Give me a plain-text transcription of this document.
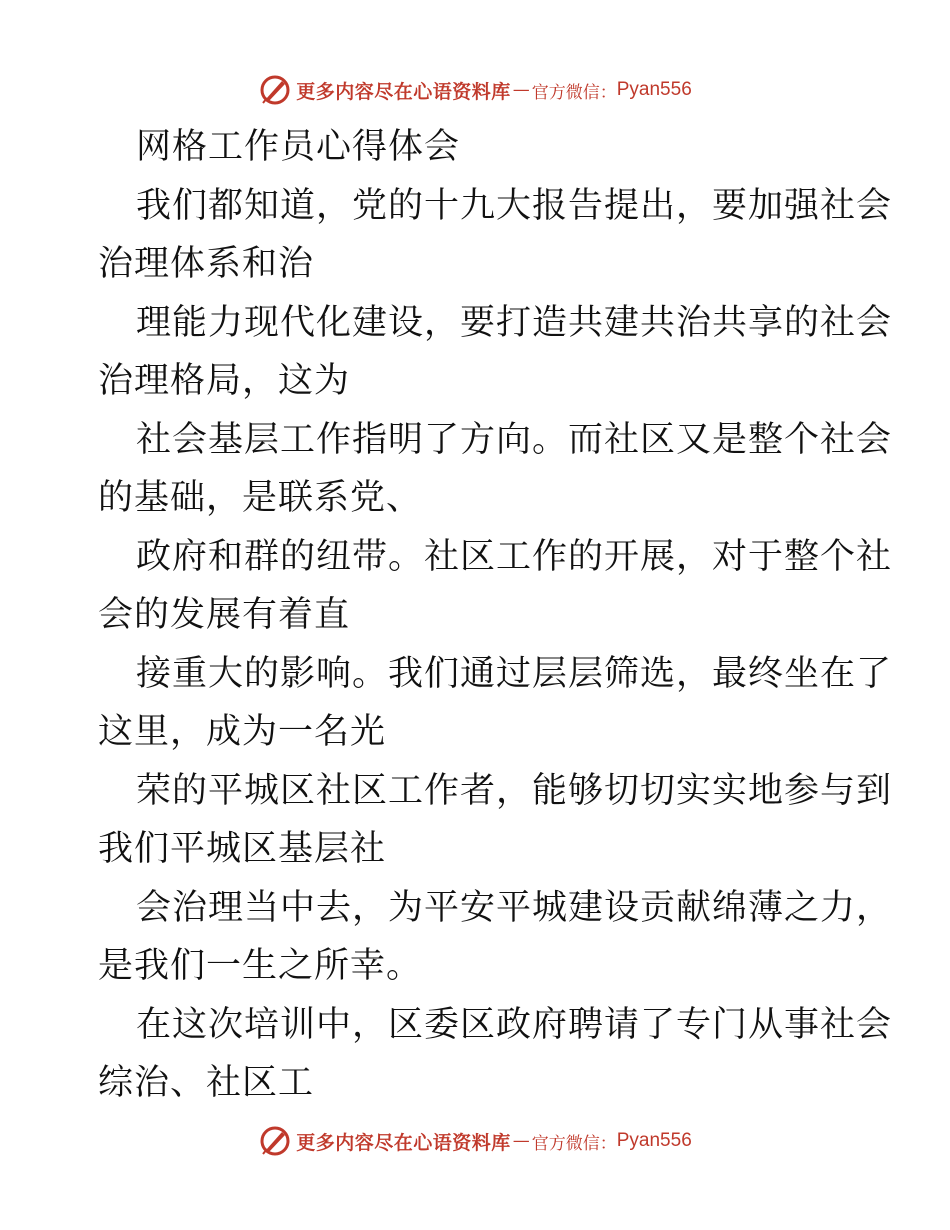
更多内容尽在心语资料库 — 官方微信： Pyan556
网格工作员心得体会
我们都知道，党的十九大报告提出，要加强社会
治理体系和治
理能力现代化建设，要打造共建共治共享的社会
治理格局，这为
社会基层工作指明了方向。而社区又是整个社会
的基础，是联系党、
政府和群的纽带。社区工作的开展，对于整个社
会的发展有着直
接重大的影响。我们通过层层筛选，最终坐在了
这里，成为一名光
荣的平城区社区工作者，能够切切实实地参与到
我们平城区基层社
会治理当中去，为平安平城建设贡献绵薄之力，
是我们一生之所幸。
在这次培训中，区委区政府聘请了专门从事社会
综治、社区工
更多内容尽在心语资料库 — 官方微信： Pyan556
